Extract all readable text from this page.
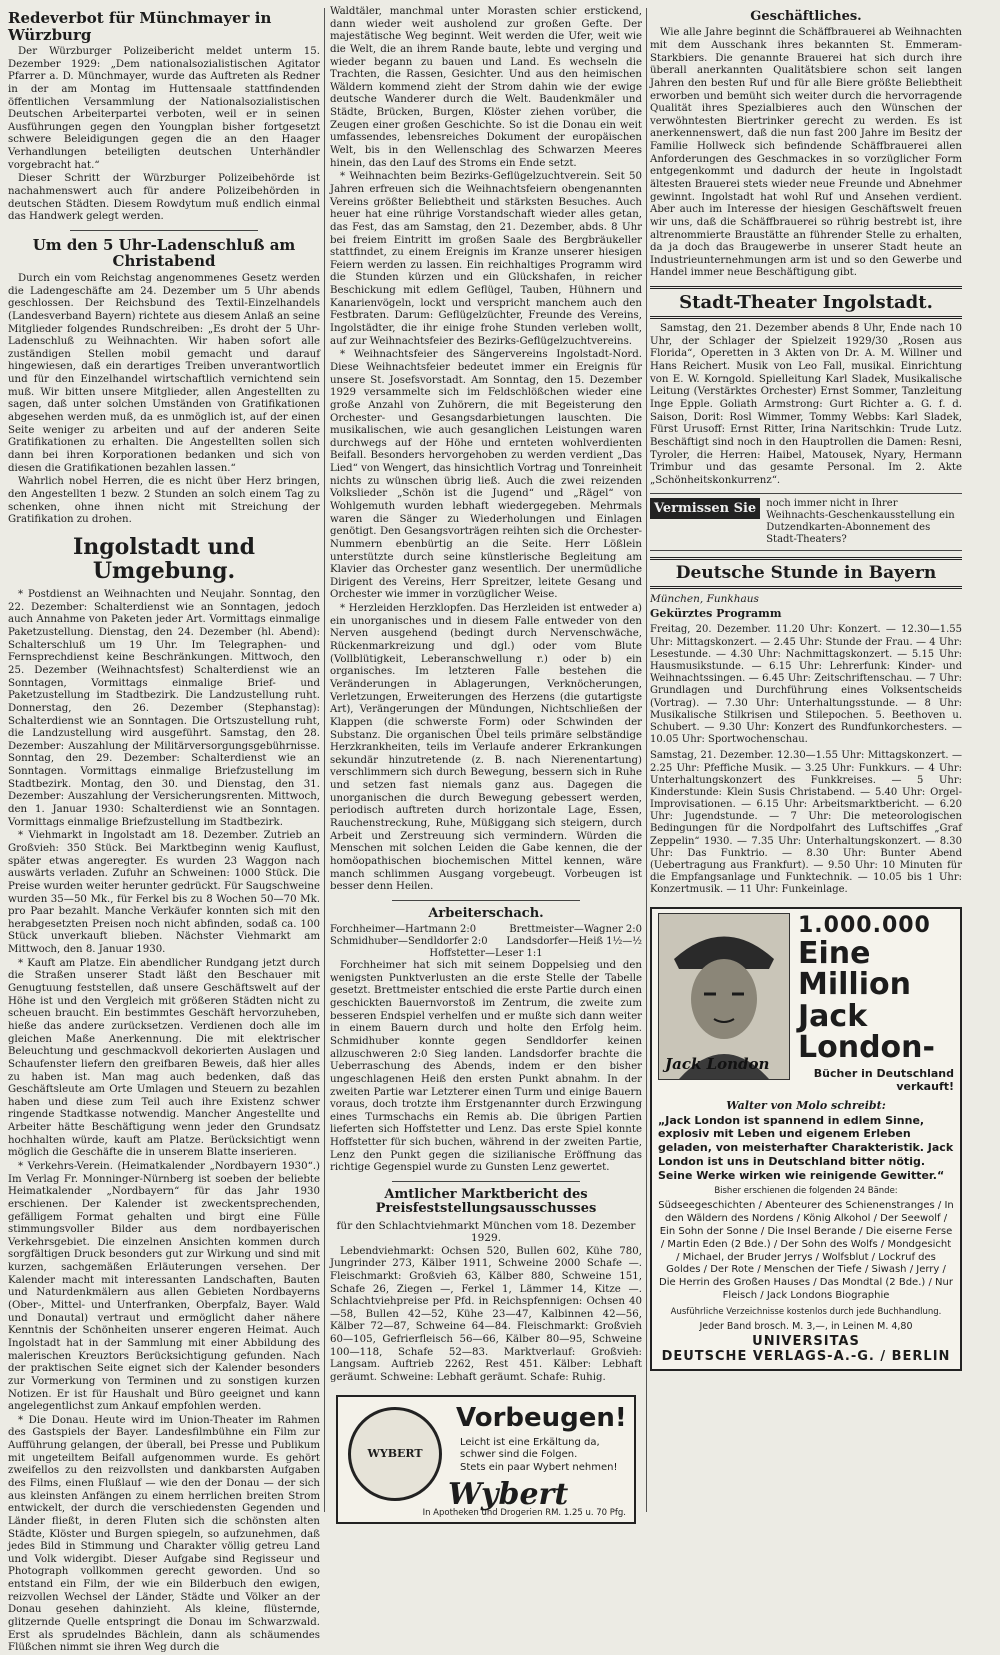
Redeverbot für Münchmayer in Würzburg

Der Würzburger Polizeibericht meldet unterm 15. Dezember 1929: „Dem nationalsozialistischen Agitator Pfarrer a. D. Münchmayer, wurde das Auftreten als Redner in der am Montag im Huttensaale stattfindenden öffentlichen Versammlung der Nationalsozialistischen Deutschen Arbeiterpartei verboten, weil er in seinen Ausführungen gegen den Youngplan bisher fortgesetzt schwere Beleidigungen gegen die an den Haager Verhandlungen beteiligten deutschen Unterhändler vorgebracht hat.“

Dieser Schritt der Würzburger Polizeibehörde ist nachahmenswert auch für andere Polizeibehörden in deutschen Städten. Diesem Rowdytum muß endlich einmal das Handwerk gelegt werden.

Um den 5 Uhr-Ladenschluß am Christabend

Durch ein vom Reichstag angenommenes Gesetz werden die Ladengeschäfte am 24. Dezember um 5 Uhr abends geschlossen. Der Reichsbund des Textil-Einzelhandels (Landesverband Bayern) richtete aus diesem Anlaß an seine Mitglieder folgendes Rundschreiben: „Es droht der 5 Uhr-Ladenschluß zu Weihnachten. Wir haben sofort alle zuständigen Stellen mobil gemacht und darauf hingewiesen, daß ein derartiges Treiben unverantwortlich und für den Einzelhandel wirtschaftlich vernichtend sein muß. Wir bitten unsere Mitglieder, allen Angestellten zu sagen, daß unter solchen Umständen von Gratifikationen abgesehen werden muß, da es unmöglich ist, auf der einen Seite weniger zu arbeiten und auf der anderen Seite Gratifikationen zu erhalten. Die Angestellten sollen sich dann bei ihren Korporationen bedanken und sich von diesen die Gratifikationen bezahlen lassen.“

Wahrlich nobel Herren, die es nicht über Herz bringen, den Angestellten 1 bezw. 2 Stunden an solch einem Tag zu schenken, ohne ihnen nicht mit Streichung der Gratifikation zu drohen.

Ingolstadt und Umgebung.

* Postdienst an Weihnachten und Neujahr. Sonntag, den 22. Dezember: Schalterdienst wie an Sonntagen, jedoch auch Annahme von Paketen jeder Art. Vormittags einmalige Paketzustellung. Dienstag, den 24. Dezember (hl. Abend): Schalterschluß um 19 Uhr. Im Telegraphen- und Fernsprechdienst keine Beschränkungen. Mittwoch, den 25. Dezember (Weihnachtsfest) Schalterdienst wie an Sonntagen, Vormittags einmalige Brief- und Paketzustellung im Stadtbezirk. Die Landzustellung ruht. Donnerstag, den 26. Dezember (Stephanstag): Schalterdienst wie an Sonntagen. Die Ortszustellung ruht, die Landzustellung wird ausgeführt. Samstag, den 28. Dezember: Auszahlung der Militärversorgungsgebührnisse. Sonntag, den 29. Dezember: Schalterdienst wie an Sonntagen. Vormittags einmalige Briefzustellung im Stadtbezirk. Montag, den 30. und Dienstag, den 31. Dezember: Auszahlung der Versicherungsrenten. Mittwoch, den 1. Januar 1930: Schalterdienst wie an Sonntagen. Vormittags einmalige Briefzustellung im Stadtbezirk.

* Viehmarkt in Ingolstadt am 18. Dezember. Zutrieb an Großvieh: 350 Stück. Bei Marktbeginn wenig Kauflust, später etwas angeregter. Es wurden 23 Waggon nach auswärts verladen. Zufuhr an Schweinen: 1000 Stück. Die Preise wurden weiter herunter gedrückt. Für Saugschweine wurden 35—50 Mk., für Ferkel bis zu 8 Wochen 50—70 Mk. pro Paar bezahlt. Manche Verkäufer konnten sich mit den herabgesetzten Preisen noch nicht abfinden, sodaß ca. 100 Stück unverkauft blieben. Nächster Viehmarkt am Mittwoch, den 8. Januar 1930.

* Kauft am Platze. Ein abendlicher Rundgang jetzt durch die Straßen unserer Stadt läßt den Beschauer mit Genugtuung feststellen, daß unsere Geschäftswelt auf der Höhe ist und den Vergleich mit größeren Städten nicht zu scheuen braucht. Ein bestimmtes Geschäft hervorzuheben, hieße das andere zurücksetzen. Verdienen doch alle im gleichen Maße Anerkennung. Die mit elektrischer Beleuchtung und geschmackvoll dekorierten Auslagen und Schaufenster liefern den greifbaren Beweis, daß hier alles zu haben ist. Man mag auch bedenken, daß das Geschäftsleute am Orte Umlagen und Steuern zu bezahlen haben und diese zum Teil auch ihre Existenz schwer ringende Stadtkasse notwendig. Mancher Angestellte und Arbeiter hätte Beschäftigung wenn jeder den Grundsatz hochhalten würde, kauft am Platze. Berücksichtigt wenn möglich die Geschäfte die in unserem Blatte inserieren.

* Verkehrs-Verein. (Heimatkalender „Nordbayern 1930“.) Im Verlag Fr. Monninger-Nürnberg ist soeben der beliebte Heimatkalender „Nordbayern“ für das Jahr 1930 erschienen. Der Kalender ist zweckentsprechenden, gefälligem Format gehalten und birgt eine Fülle stimmungsvoller Bilder aus dem nordbayerischen Verkehrsgebiet. Die einzelnen Ansichten kommen durch sorgfältigen Druck besonders gut zur Wirkung und sind mit kurzen, sachgemäßen Erläuterungen versehen. Der Kalender macht mit interessanten Landschaften, Bauten und Naturdenkmälern aus allen Gebieten Nordbayerns (Ober-, Mittel- und Unterfranken, Oberpfalz, Bayer. Wald und Donautal) vertraut und ermöglicht daher nähere Kenntnis der Schönheiten unserer engeren Heimat. Auch Ingolstadt hat in der Sammlung mit einer Abbildung des malerischen Kreuztors Berücksichtigung gefunden. Nach der praktischen Seite eignet sich der Kalender besonders zur Vormerkung von Terminen und zu sonstigen kurzen Notizen. Er ist für Haushalt und Büro geeignet und kann angelegentlichst zum Ankauf empfohlen werden.

* Die Donau. Heute wird im Union-Theater im Rahmen des Gastspiels der Bayer. Landesfilmbühne ein Film zur Aufführung gelangen, der überall, bei Presse und Publikum mit ungeteiltem Beifall aufgenommen wurde. Es gehört zweifellos zu den reizvollsten und dankbarsten Aufgaben des Films, einen Flußlauf — wie den der Donau — der sich aus kleinsten Anfängen zu einem herrlichen breiten Strom entwickelt, der durch die verschiedensten Gegenden und Länder fließt, in deren Fluten sich die schönsten alten Städte, Klöster und Burgen spiegeln, so aufzunehmen, daß jedes Bild in Stimmung und Charakter völlig getreu Land und Volk widergibt. Dieser Aufgabe sind Regisseur und Photograph vollkommen gerecht geworden. Und so entstand ein Film, der wie ein Bilderbuch den ewigen, reizvollen Wechsel der Länder, Städte und Völker an der Donau gesehen dahinzieht. Als kleine, flüsternde, glitzernde Quelle entspringt die Donau im Schwarzwald. Erst als sprudelndes Bächlein, dann als schäumendes Flüßchen nimmt sie ihren Weg durch die

Waldtäler, manchmal unter Morasten schier erstickend, dann wieder weit ausholend zur großen Gefte. Der majestätische Weg beginnt. Weit werden die Ufer, weit wie die Welt, die an ihrem Rande baute, lebte und verging und wieder begann zu bauen und Land. Es wechseln die Trachten, die Rassen, Gesichter. Und aus den heimischen Wäldern kommend zieht der Strom dahin wie der ewige deutsche Wanderer durch die Welt. Baudenkmäler und Städte, Brücken, Burgen, Klöster ziehen vorüber, die Zeugen einer großen Geschichte. So ist die Donau ein weit umfassendes, lebensreiches Dokument der europäischen Welt, bis in den Wellenschlag des Schwarzen Meeres hinein, das den Lauf des Stroms ein Ende setzt.

* Weihnachten beim Bezirks-Geflügelzuchtverein. Seit 50 Jahren erfreuen sich die Weihnachtsfeiern obengenannten Vereins größter Beliebtheit und stärksten Besuches. Auch heuer hat eine rührige Vorstandschaft wieder alles getan, das Fest, das am Samstag, den 21. Dezember, abds. 8 Uhr bei freiem Eintritt im großen Saale des Bergbräukeller stattfindet, zu einem Ereignis im Kranze unserer hiesigen Feiern werden zu lassen. Ein reichhaltiges Programm wird die Stunden kürzen und ein Glückshafen, in reicher Beschickung mit edlem Geflügel, Tauben, Hühnern und Kanarienvögeln, lockt und verspricht manchem auch den Festbraten. Darum: Geflügelzüchter, Freunde des Vereins, Ingolstädter, die ihr einige frohe Stunden verleben wollt, auf zur Weihnachtsfeier des Bezirks-Geflügelzuchtvereins.

* Weihnachtsfeier des Sängervereins Ingolstadt-Nord. Diese Weihnachtsfeier bedeutet immer ein Ereignis für unsere St. Josefsvorstadt. Am Sonntag, den 15. Dezember 1929 versammelte sich im Feldschlößchen wieder eine große Anzahl von Zuhörern, die mit Begeisterung den Orchester- und Gesangsdarbietungen lauschten. Die musikalischen, wie auch gesanglichen Leistungen waren durchwegs auf der Höhe und ernteten wohlverdienten Beifall. Besonders hervorgehoben zu werden verdient „Das Lied“ von Wengert, das hinsichtlich Vortrag und Tonreinheit nichts zu wünschen übrig ließ. Auch die zwei reizenden Volkslieder „Schön ist die Jugend“ und „Rägel“ von Wohlgemuth wurden lebhaft wiedergegeben. Mehrmals waren die Sänger zu Wiederholungen und Einlagen genötigt. Den Gesangsvorträgen reihten sich die Orchester-Nummern ebenbürtig an die Seite. Herr Lößlein unterstützte durch seine künstlerische Begleitung am Klavier das Orchester ganz wesentlich. Der unermüdliche Dirigent des Vereins, Herr Spreitzer, leitete Gesang und Orchester wie immer in vorzüglicher Weise.

* Herzleiden Herzklopfen. Das Herzleiden ist entweder a) ein unorganisches und in diesem Falle entweder von den Nerven ausgehend (bedingt durch Nervenschwäche, Rückenmarkreizung und dgl.) oder vom Blute (Vollblütigkeit, Leberanschwellung r.) oder b) ein organisches. Im letzteren Falle bestehen die Veränderungen in Ablagerungen, Verknöcherungen, Verletzungen, Erweiterungen des Herzens (die gutartigste Art), Verängerungen der Mündungen, Nichtschließen der Klappen (die schwerste Form) oder Schwinden der Substanz. Die organischen Übel teils primäre selbständige Herzkrankheiten, teils im Verlaufe anderer Erkrankungen sekundär hinzutretende (z. B. nach Nierenentartung) verschlimmern sich durch Bewegung, bessern sich in Ruhe und setzen fast niemals ganz aus. Dagegen die unorganischen die durch Bewegung gebessert werden, periodisch auftreten durch horizontale Lage, Essen, Rauchenstreckung, Ruhe, Müßiggang sich steigern, durch Arbeit und Zerstreuung sich vermindern. Würden die Menschen mit solchen Leiden die Gabe kennen, die der homöopathischen biochemischen Mittel kennen, wäre manch schlimmen Ausgang vorgebeugt. Vorbeugen ist besser denn Heilen.

Arbeiterschach.
Forchheimer—Hartmann 2:0	Brettmeister—Wagner 2:0
Schmidhuber—Sendldorfer 2:0 Landsdorfer—Heiß 1½—½
Hoffstetter—Leser 1:1

Forchheimer hat sich mit seinem Doppelsieg und den wenigsten Punktverlusten an die erste Stelle der Tabelle gesetzt. Brettmeister entschied die erste Partie durch einen geschickten Bauernvorstoß im Zentrum, die zweite zum besseren Endspiel verhelfen und er mußte sich dann weiter in einem Bauern durch und holte den Erfolg heim. Schmidhuber konnte gegen Sendldorfer keinen allzuschweren 2:0 Sieg landen. Landsdorfer brachte die Ueberraschung des Abends, indem er den bisher ungeschlagenen Heiß den ersten Punkt abnahm. In der zweiten Partie war Letzterer einen Turm und einige Bauern voraus, doch trotzte ihm Erstgenannter durch Erzwingung eines Turmschachs ein Remis ab. Die übrigen Partien lieferten sich Hoffstetter und Lenz. Das erste Spiel konnte Hoffstetter für sich buchen, während in der zweiten Partie, Lenz den Punkt gegen die sizilianische Eröffnung das richtige Gegenspiel wurde zu Gunsten Lenz gewertet.

Amtlicher Marktbericht des Preisfeststellungsausschusses
für den Schlachtviehmarkt München vom 18. Dezember 1929.

Lebendviehmarkt: Ochsen 520, Bullen 602, Kühe 780, Jungrinder 273, Kälber 1911, Schweine 2000 Schafe —. Fleischmarkt: Großvieh 63, Kälber 880, Schweine 151, Schafe 26, Ziegen —, Ferkel 1, Lämmer 14, Kitze —. Schlachtviehpreise per Pfd. in Reichspfennigen: Ochsen 40—58, Bullen 42—52, Kühe 23—47, Kalbinnen 42—56, Kälber 72—87, Schweine 64—84. Fleischmarkt: Großvieh 60—105, Gefrierfleisch 56—66, Kälber 80—95, Schweine 100—118, Schafe 52—83. Marktverlauf: Großvieh: Langsam. Auftrieb 2262, Rest 451. Kälber: Lebhaft geräumt. Schweine: Lebhaft geräumt. Schafe: Ruhig.

WYBERT
Vorbeugen!
Leicht ist eine Erkältung da,
schwer sind die Folgen.
Stets ein paar Wybert nehmen!
Wybert
In Apotheken und Drogerien RM. 1.25 u. 70 Pfg.
Geschäftliches.

Wie alle Jahre beginnt die Schäffbrauerei ab Weihnachten mit dem Ausschank ihres bekannten St. Emmeram-Starkbiers. Die genannte Brauerei hat sich durch ihre überall anerkannten Qualitätsbiere schon seit langen Jahren den besten Ruf und für alle Biere größte Beliebtheit erworben und bemüht sich weiter durch die hervorragende Qualität ihres Spezialbieres auch den Wünschen der verwöhntesten Biertrinker gerecht zu werden. Es ist anerkennenswert, daß die nun fast 200 Jahre im Besitz der Familie Hollweck sich befindende Schäffbrauerei allen Anforderungen des Geschmackes in so vorzüglicher Form entgegenkommt und dadurch der heute in Ingolstadt ältesten Brauerei stets wieder neue Freunde und Abnehmer gewinnt. Ingolstadt hat wohl Ruf und Ansehen verdient. Aber auch im Interesse der hiesigen Geschäftswelt freuen wir uns, daß die Schäffbrauerei so rührig bestrebt ist, ihre altrenommierte Braustätte an führender Stelle zu erhalten, da ja doch das Braugewerbe in unserer Stadt heute an Industrieunternehmungen arm ist und so den Gewerbe und Handel immer neue Beschäftigung gibt.

Stadt-Theater Ingolstadt.

Samstag, den 21. Dezember abends 8 Uhr, Ende nach 10 Uhr, der Schlager der Spielzeit 1929/30 „Rosen aus Florida“, Operetten in 3 Akten von Dr. A. M. Willner und Hans Reichert. Musik von Leo Fall, musikal. Einrichtung von E. W. Korngold. Spielleitung Karl Sladek, Musikalische Leitung (Verstärktes Orchester) Ernst Sommer, Tanzleitung Inge Epple. Goliath Armstrong: Gurt Richter a. G. f. d. Saison, Dorit: Rosl Wimmer, Tommy Webbs: Karl Sladek, Fürst Urusoff: Ernst Ritter, Irina Naritschkin: Trude Lutz. Beschäftigt sind noch in den Hauptrollen die Damen: Resni, Tyroler, die Herren: Haibel, Matousek, Nyary, Hermann Trimbur und das gesamte Personal. Im 2. Akte „Schönheitskonkurrenz“.

Vermissen Sie	noch immer nicht in Ihrer Weihnachts-Geschenkausstellung ein Dutzendkarten-Abonnement des Stadt-Theaters?
Deutsche Stunde in Bayern
München, Funkhaus
Gekürztes Programm

Freitag, 20. Dezember. 11.20 Uhr: Konzert. — 12.30—1.55 Uhr: Mittagskonzert. — 2.45 Uhr: Stunde der Frau. — 4 Uhr: Lesestunde. — 4.30 Uhr: Nachmittagskonzert. — 5.15 Uhr: Hausmusikstunde. — 6.15 Uhr: Lehrerfunk: Kinder- und Weihnachtssingen. — 6.45 Uhr: Zeitschriftenschau. — 7 Uhr: Grundlagen und Durchführung eines Volksentscheids (Vortrag). — 7.30 Uhr: Unterhaltungsstunde. — 8 Uhr: Musikalische Stilkrisen und Stilepochen. 5. Beethoven u. Schubert. — 9.30 Uhr: Konzert des Rundfunkorchesters. — 10.05 Uhr: Sportwochenschau.

Samstag, 21. Dezember. 12.30—1.55 Uhr: Mittagskonzert. — 2.25 Uhr: Pfeffiche Musik. — 3.25 Uhr: Funkkurs. — 4 Uhr: Unterhaltungskonzert des Funkkreises. — 5 Uhr: Kinderstunde: Klein Susis Christabend. — 5.40 Uhr: Orgel-Improvisationen. — 6.15 Uhr: Arbeitsmarktbericht. — 6.20 Uhr: Jugendstunde. — 7 Uhr: Die meteorologischen Bedingungen für die Nordpolfahrt des Luftschiffes „Graf Zeppelin“ 1930. — 7.35 Uhr: Unterhaltungskonzert. — 8.30 Uhr: Das Funktrio. — 8.30 Uhr: Bunter Abend (Uebertragung aus Frankfurt). — 9.50 Uhr: 10 Minuten für die Empfangsanlage und Funktechnik. — 10.05 bis 1 Uhr: Konzertmusik. — 11 Uhr: Funkeinlage.

Jack London
1.000.000
Eine
Million
Jack
London-
Bücher in Deutschland
verkauft!
Walter von Molo schreibt:
„Jack London ist spannend in edlem Sinne, explosiv mit Leben und eigenem Erleben geladen, von meisterhafter Charakteristik. Jack London ist uns in Deutschland bitter nötig. Seine Werke wirken wie reinigende Gewitter.“
Bisher erschienen die folgenden 24 Bände:
Südseegeschichten / Abenteurer des Schienenstranges / In den Wäldern des Nordens / König Alkohol / Der Seewolf / Ein Sohn der Sonne / Die Insel Berande / Die eiserne Ferse / Martin Eden (2 Bde.) / Der Sohn des Wolfs / Mondgesicht / Michael, der Bruder Jerrys / Wolfsblut / Lockruf des Goldes / Der Rote / Menschen der Tiefe / Siwash / Jerry / Die Herrin des Großen Hauses / Das Mondtal (2 Bde.) / Nur Fleisch / Jack Londons Biographie
Ausführliche Verzeichnisse kostenlos durch jede Buchhandlung.
Jeder Band brosch. M. 3,—, in Leinen M. 4,80
UNIVERSITAS
DEUTSCHE VERLAGS-A.-G. / BERLIN
